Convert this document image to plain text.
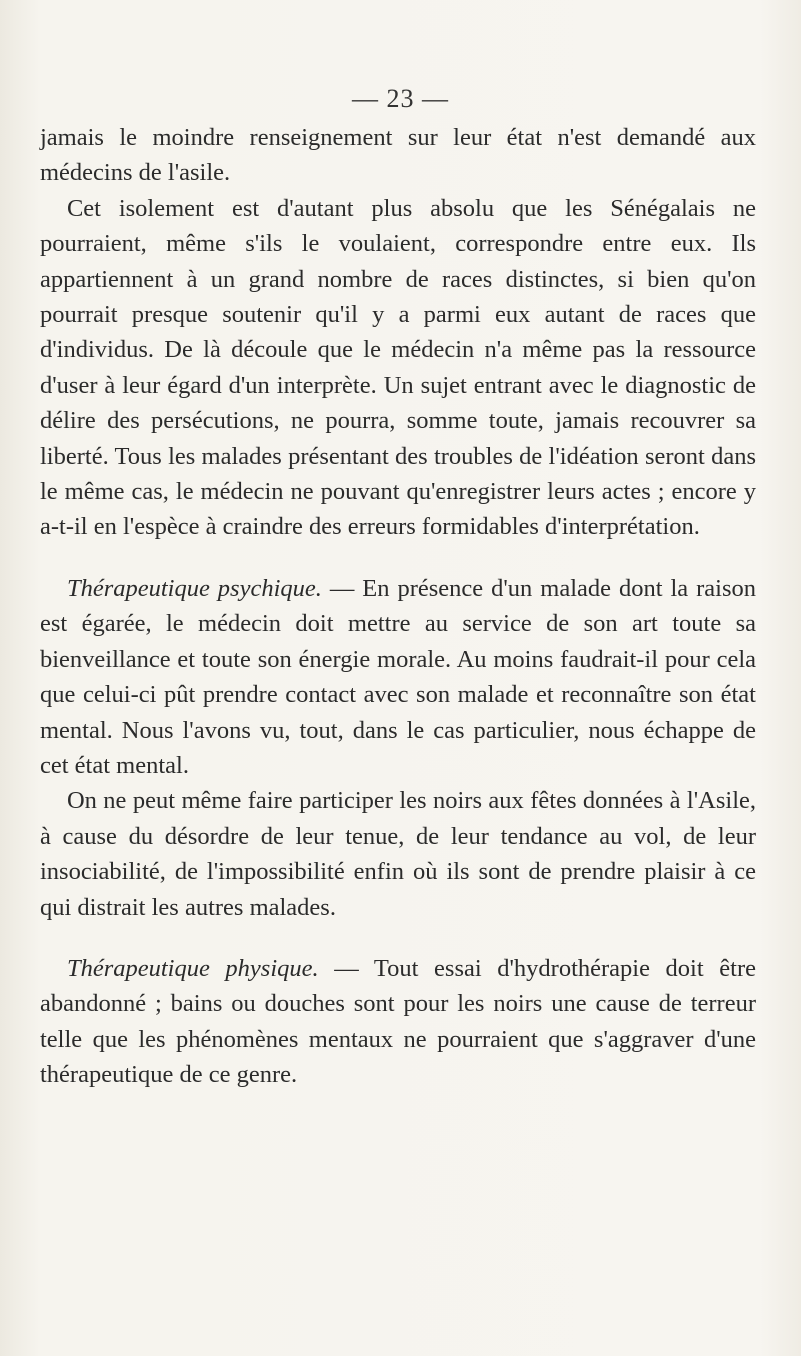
— 23 —

jamais le moindre renseignement sur leur état n'est demandé aux médecins de l'asile.

Cet isolement est d'autant plus absolu que les Sénégalais ne pourraient, même s'ils le voulaient, correspondre entre eux. Ils appartiennent à un grand nombre de races distinctes, si bien qu'on pourrait presque soutenir qu'il y a parmi eux autant de races que d'individus. De là découle que le médecin n'a même pas la ressource d'user à leur égard d'un interprète. Un sujet entrant avec le diagnostic de délire des persécutions, ne pourra, somme toute, jamais recouvrer sa liberté. Tous les malades présentant des troubles de l'idéation seront dans le même cas, le médecin ne pouvant qu'enregistrer leurs actes ; encore y a-t-il en l'espèce à craindre des erreurs formidables d'interprétation.

Thérapeutique psychique. — En présence d'un malade dont la raison est égarée, le médecin doit mettre au service de son art toute sa bienveillance et toute son énergie morale. Au moins faudrait-il pour cela que celui-ci pût prendre contact avec son malade et reconnaître son état mental. Nous l'avons vu, tout, dans le cas particulier, nous échappe de cet état mental.

On ne peut même faire participer les noirs aux fêtes données à l'Asile, à cause du désordre de leur tenue, de leur tendance au vol, de leur insociabilité, de l'impossibilité enfin où ils sont de prendre plaisir à ce qui distrait les autres malades.

Thérapeutique physique. — Tout essai d'hydrothérapie doit être abandonné ; bains ou douches sont pour les noirs une cause de terreur telle que les phénomènes mentaux ne pourraient que s'aggraver d'une thérapeutique de ce genre.
